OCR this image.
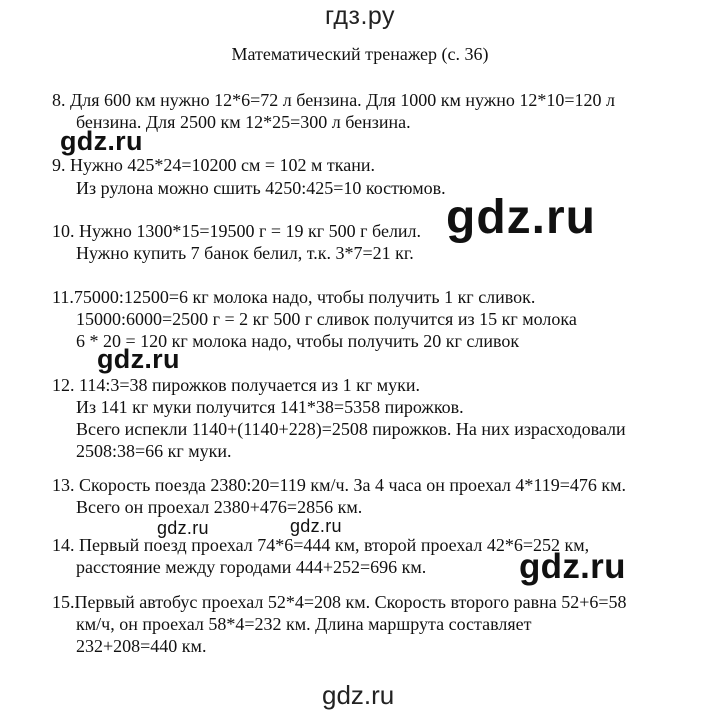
гдз.ру
Математический тренажер (с. 36)
8. Для 600 км нужно 12*6=72 л бензина. Для 1000 км нужно 12*10=120 л
бензина. Для 2500 км 12*25=300 л бензина.
9. Нужно 425*24=10200 см = 102 м ткани.
Из рулона можно сшить 4250:425=10 костюмов.
10. Нужно 1300*15=19500 г = 19 кг 500 г белил.
Нужно купить 7 банок белил, т.к. 3*7=21 кг.
11.75000:12500=6 кг молока надо, чтобы получить 1 кг сливок.
15000:6000=2500 г = 2 кг 500 г сливок получится из 15 кг молока
6 * 20 = 120 кг молока надо, чтобы получить 20 кг сливок
12. 114:3=38 пирожков получается из 1 кг муки.
Из 141 кг муки получится 141*38=5358 пирожков.
Всего испекли 1140+(1140+228)=2508 пирожков. На них израсходовали
2508:38=66 кг муки.
13. Скорость поезда 2380:20=119 км/ч. За 4 часа он проехал 4*119=476 км.
Всего он проехал 2380+476=2856 км.
14. Первый поезд проехал 74*6=444 км, второй проехал 42*6=252 км,
расстояние между городами 444+252=696 км.
15.Первый автобус проехал 52*4=208 км. Скорость второго равна 52+6=58
км/ч, он проехал 58*4=232 км. Длина маршрута составляет
232+208=440 км.
gdz.ru
gdz.ru
gdz.ru
gdz.ru	gdz.ru
gdz.ru
gdz.ru
